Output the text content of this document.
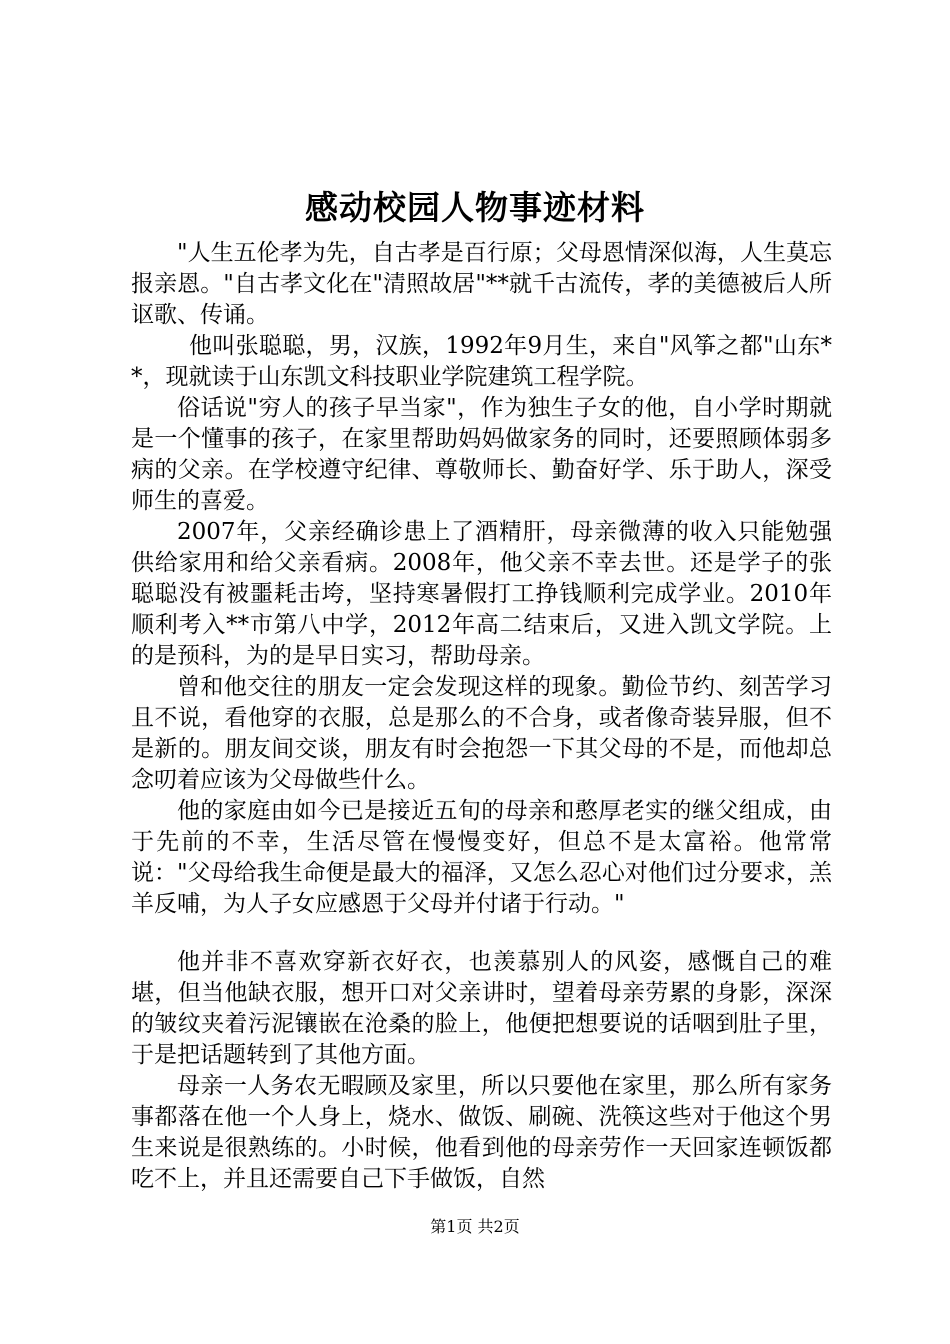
感动校园人物事迹材料

"人生五伦孝为先，自古孝是百行原；父母恩情深似海，人生莫忘报亲恩。"自古孝文化在"清照故居"**就千古流传，孝的美德被后人所讴歌、传诵。

他叫张聪聪，男，汉族，1992年9月生，来自"风筝之都"山东**，现就读于山东凯文科技职业学院建筑工程学院。

俗话说"穷人的孩子早当家"，作为独生子女的他，自小学时期就是一个懂事的孩子，在家里帮助妈妈做家务的同时，还要照顾体弱多病的父亲。在学校遵守纪律、尊敬师长、勤奋好学、乐于助人，深受师生的喜爱。

2007年，父亲经确诊患上了酒精肝，母亲微薄的收入只能勉强供给家用和给父亲看病。2008年，他父亲不幸去世。还是学子的张聪聪没有被噩耗击垮，坚持寒暑假打工挣钱顺利完成学业。2010年顺利考入**市第八中学，2012年高二结束后，又进入凯文学院。上的是预科，为的是早日实习，帮助母亲。

曾和他交往的朋友一定会发现这样的现象。勤俭节约、刻苦学习且不说，看他穿的衣服，总是那么的不合身，或者像奇装异服，但不是新的。朋友间交谈，朋友有时会抱怨一下其父母的不是，而他却总念叨着应该为父母做些什么。

他的家庭由如今已是接近五旬的母亲和憨厚老实的继父组成，由于先前的不幸，生活尽管在慢慢变好，但总不是太富裕。他常常说："父母给我生命便是最大的福泽，又怎么忍心对他们过分要求，羔羊反哺，为人子女应感恩于父母并付诸于行动。"

他并非不喜欢穿新衣好衣，也羡慕别人的风姿，感慨自己的难堪，但当他缺衣服，想开口对父亲讲时，望着母亲劳累的身影，深深的皱纹夹着污泥镶嵌在沧桑的脸上，他便把想要说的话咽到肚子里，于是把话题转到了其他方面。

母亲一人务农无暇顾及家里，所以只要他在家里，那么所有家务事都落在他一个人身上，烧水、做饭、刷碗、洗筷这些对于他这个男生来说是很熟练的。小时候，他看到他的母亲劳作一天回家连顿饭都吃不上，并且还需要自己下手做饭，自然

第1页 共2页
